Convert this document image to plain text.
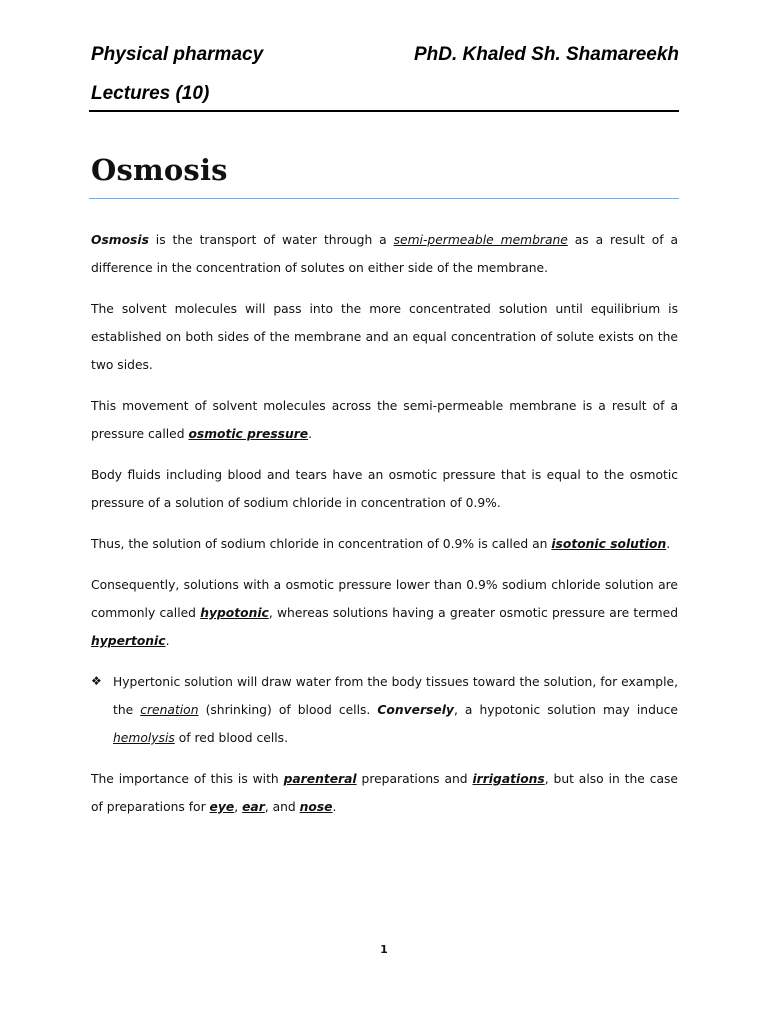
Physical pharmacy	PhD. Khaled Sh. Shamareekh
Lectures (10)
Osmosis

Osmosis is the transport of water through a semi-permeable membrane as a result of a difference in the concentration of solutes on either side of the membrane.

The solvent molecules will pass into the more concentrated solution until equilibrium is established on both sides of the membrane and an equal concentration of solute exists on the two sides.

This movement of solvent molecules across the semi-permeable membrane is a result of a pressure called osmotic pressure.

Body fluids including blood and tears have an osmotic pressure that is equal to the osmotic pressure of a solution of sodium chloride in concentration of 0.9%.

Thus, the solution of sodium chloride in concentration of 0.9% is called an isotonic solution.

Consequently, solutions with a osmotic pressure lower than 0.9% sodium chloride solution are commonly called hypotonic, whereas solutions having a greater osmotic pressure are termed hypertonic.

❖ Hypertonic solution will draw water from the body tissues toward the solution, for example, the crenation (shrinking) of blood cells. Conversely, a hypotonic solution may induce hemolysis of red blood cells.

The importance of this is with parenteral preparations and irrigations, but also in the case of preparations for eye, ear, and nose.

1
